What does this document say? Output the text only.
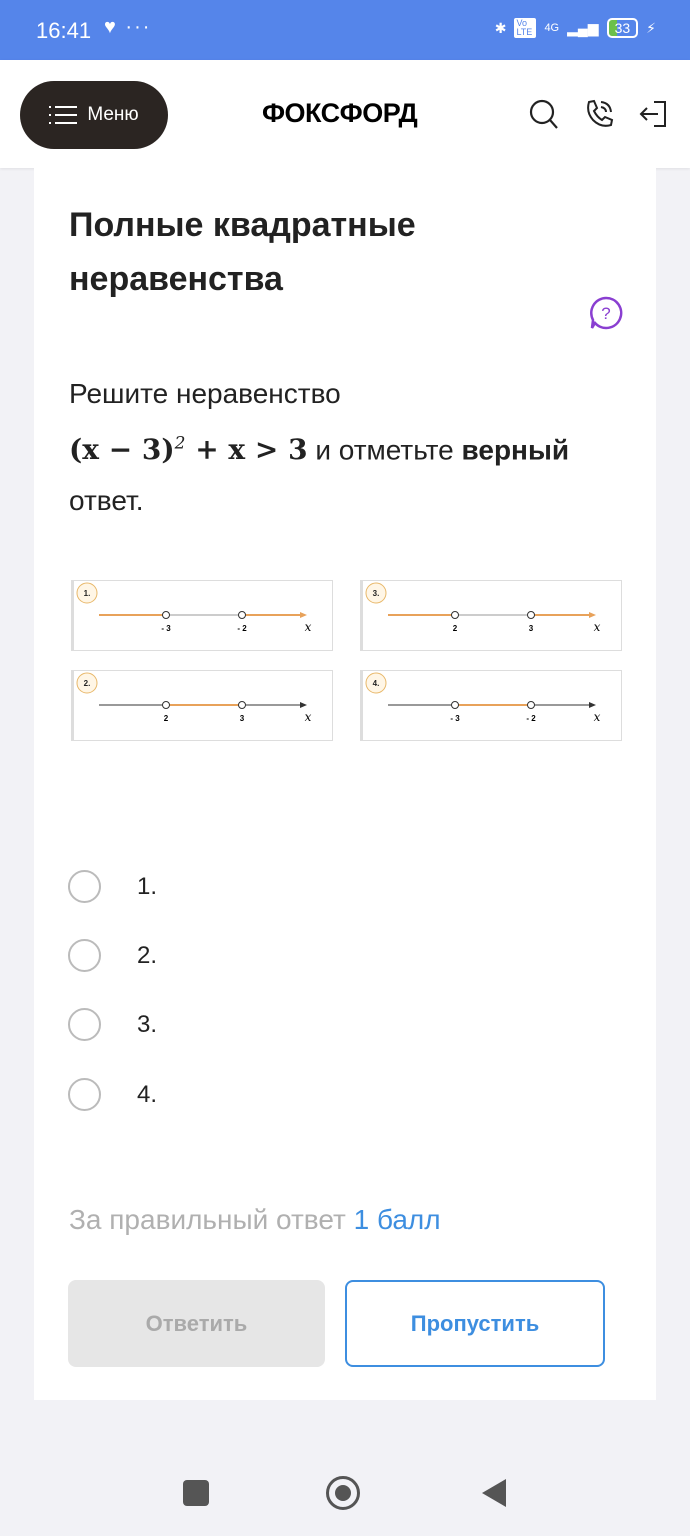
16:41 ♥ ···	✱ Vo LTE	4G ▂▄▆	33	⚡
Меню	ФОКСФОРД
Полные квадратные неравенства
?
Решите неравенство
$(x - 3)^2 + x > 3$ и отметьте верный ответ.
1.
- 3	- 2	x
3.
2	3	x
2.
2	3	x
4.
- 3	- 2	x
1.
2.
3.
4.
За правильный ответ 1 балл
Ответить	Пропустить
